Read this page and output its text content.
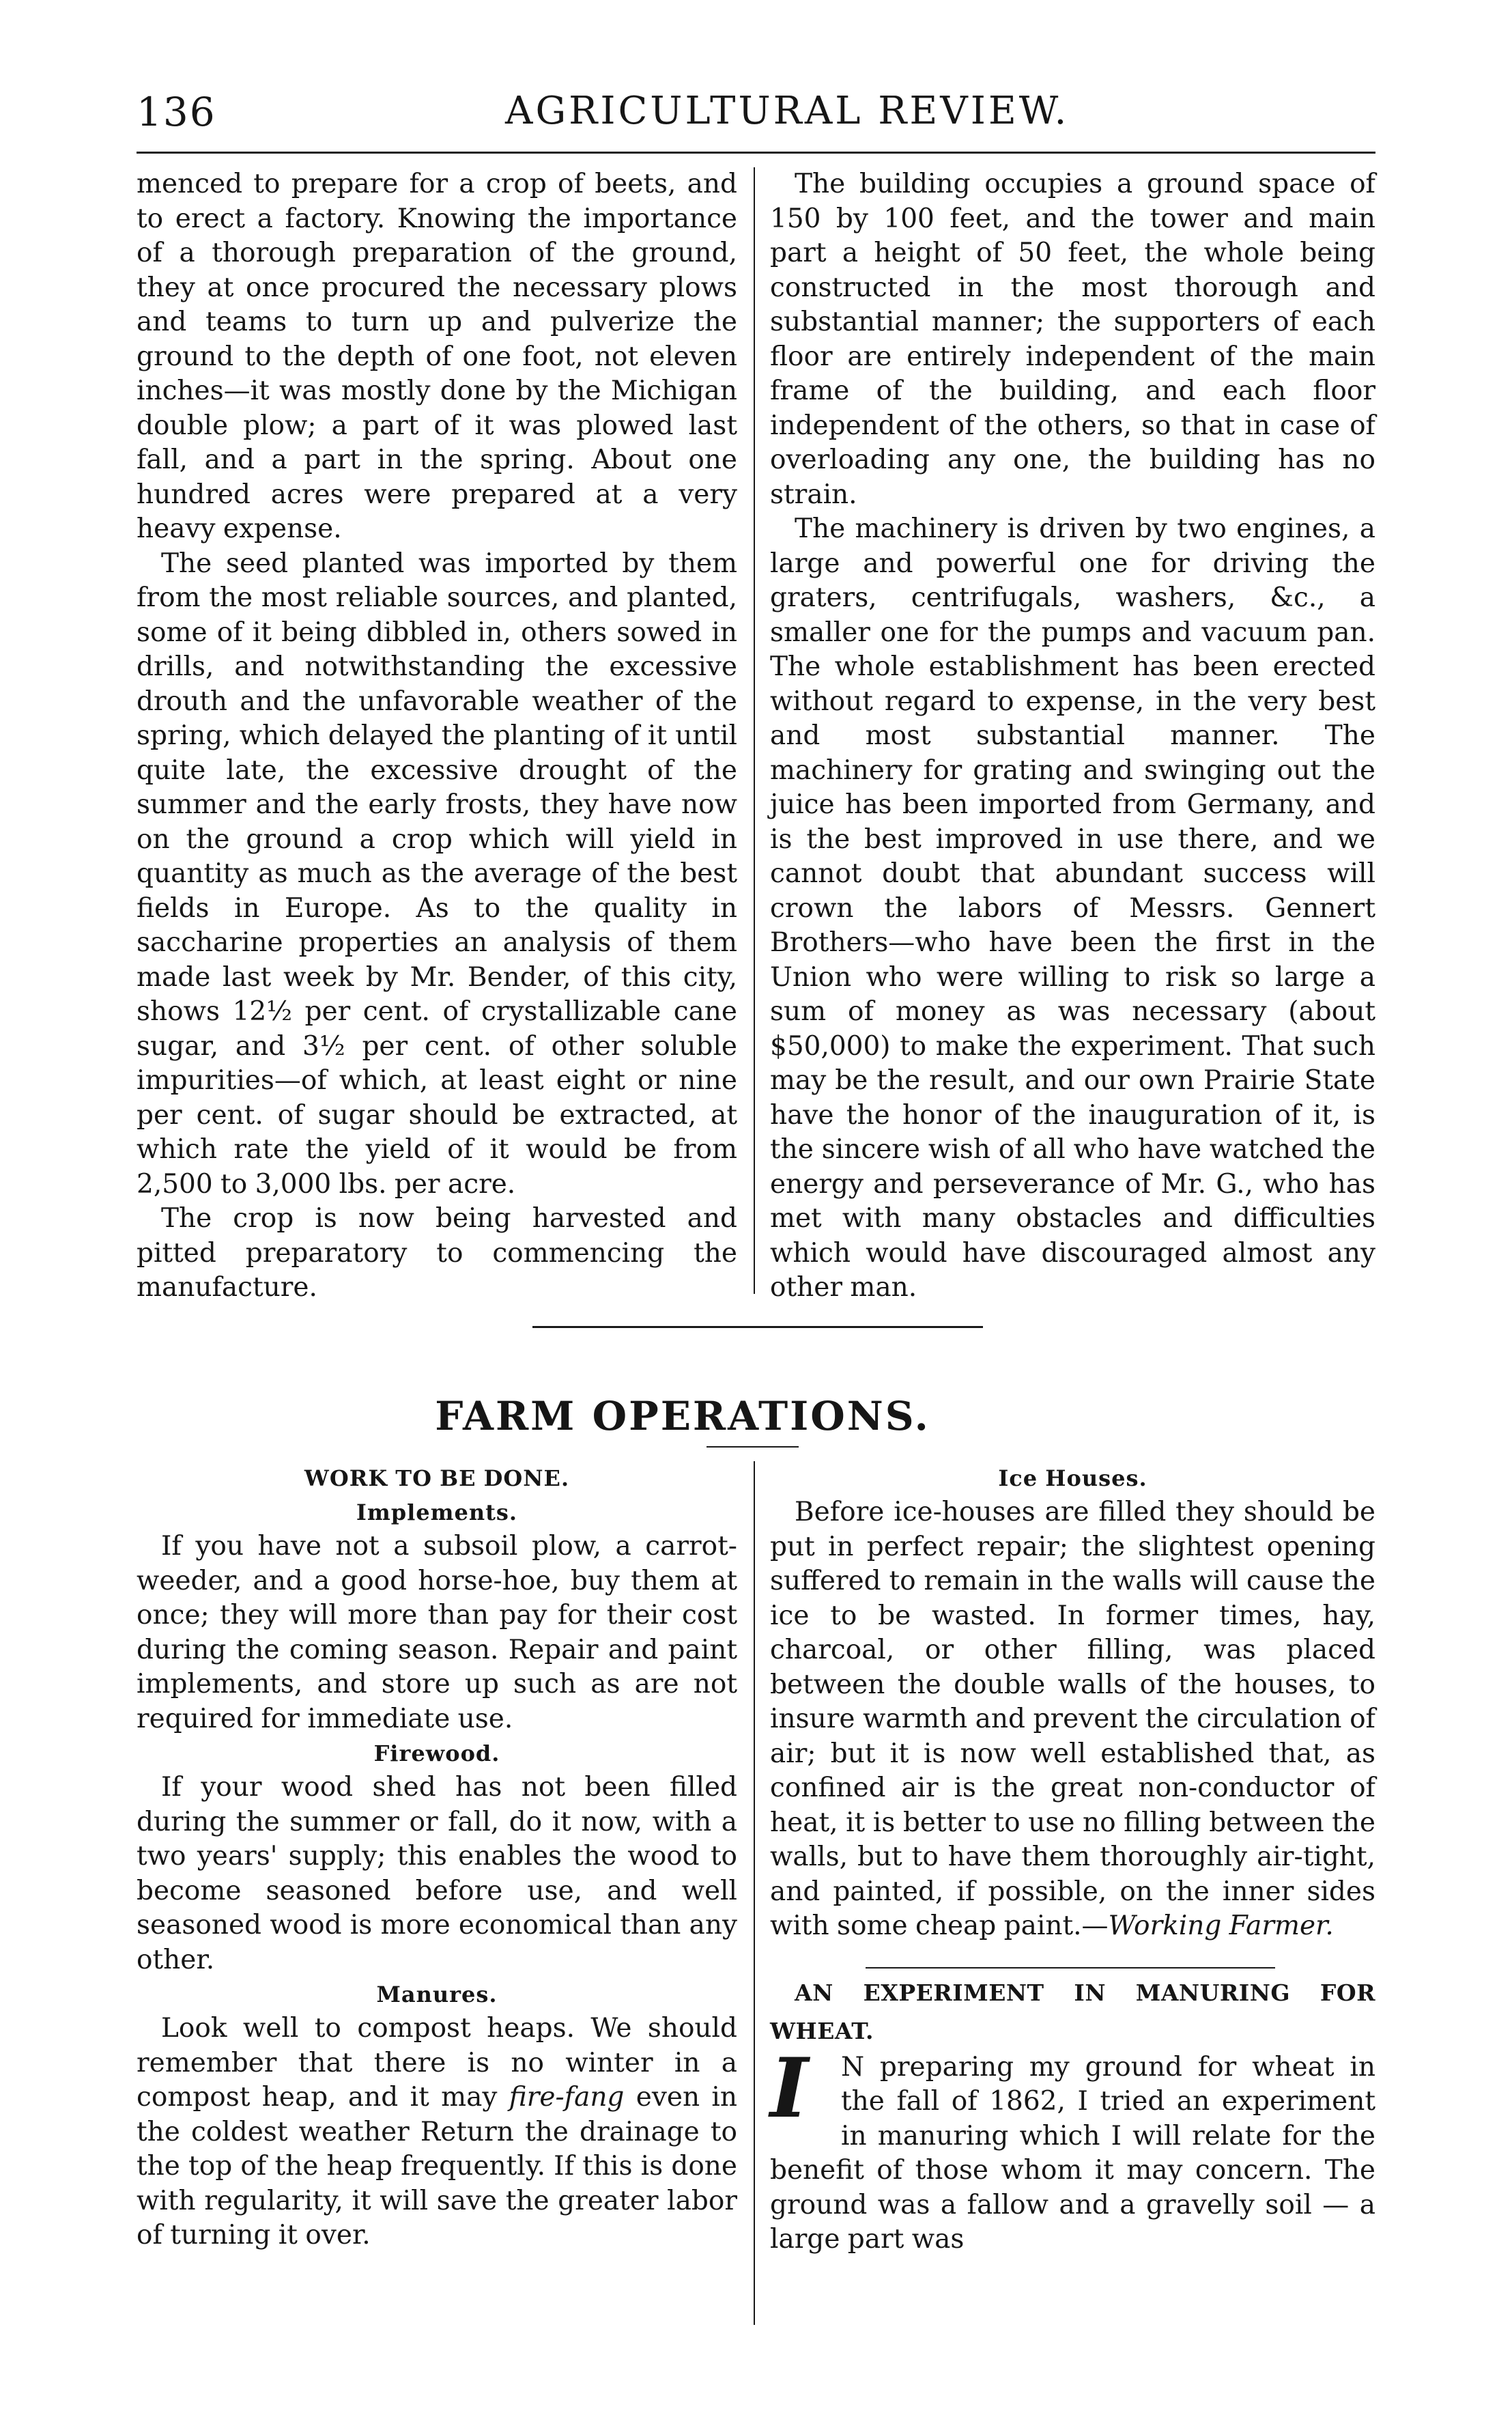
136	AGRICULTURAL REVIEW.

menced to prepare for a crop of beets, and to erect a factory. Knowing the importance of a thorough preparation of the ground, they at once procured the necessary plows and teams to turn up and pulverize the ground to the depth of one foot, not eleven inches—it was mostly done by the Michigan double plow; a part of it was plowed last fall, and a part in the spring. About one hundred acres were prepared at a very heavy expense.

The seed planted was imported by them from the most reliable sources, and planted, some of it being dibbled in, others sowed in drills, and notwithstanding the excessive drouth and the unfavorable weather of the spring, which delayed the planting of it until quite late, the excessive drought of the summer and the early frosts, they have now on the ground a crop which will yield in quantity as much as the average of the best fields in Europe. As to the quality in saccharine properties an analysis of them made last week by Mr. Bender, of this city, shows 12½ per cent. of crystallizable cane sugar, and 3½ per cent. of other soluble impurities—of which, at least eight or nine per cent. of sugar should be extracted, at which rate the yield of it would be from 2,500 to 3,000 lbs. per acre.

The crop is now being harvested and pitted preparatory to commencing the manufacture.

The building occupies a ground space of 150 by 100 feet, and the tower and main part a height of 50 feet, the whole being constructed in the most thorough and substantial manner; the supporters of each floor are entirely independent of the main frame of the building, and each floor independent of the others, so that in case of overloading any one, the building has no strain.

The machinery is driven by two engines, a large and powerful one for driving the graters, centrifugals, washers, &c., a smaller one for the pumps and vacuum pan. The whole establishment has been erected without regard to expense, in the very best and most substantial manner. The machinery for grating and swinging out the juice has been imported from Germany, and is the best improved in use there, and we cannot doubt that abundant success will crown the labors of Messrs. Gennert Brothers—who have been the first in the Union who were willing to risk so large a sum of money as was necessary (about $50,000) to make the experiment. That such may be the result, and our own Prairie State have the honor of the inauguration of it, is the sincere wish of all who have watched the energy and perseverance of Mr. G., who has met with many obstacles and difficulties which would have discouraged almost any other man.

FARM OPERATIONS.

WORK TO BE DONE.

Implements.

If you have not a subsoil plow, a carrot-weeder, and a good horse-hoe, buy them at once; they will more than pay for their cost during the coming season. Repair and paint implements, and store up such as are not required for immediate use.

Firewood.

If your wood shed has not been filled during the summer or fall, do it now, with a two years' supply; this enables the wood to become seasoned before use, and well seasoned wood is more economical than any other.

Manures.

Look well to compost heaps. We should remember that there is no winter in a compost heap, and it may fire-fang even in the coldest weather Return the drainage to the top of the heap frequently. If this is done with regularity, it will save the greater labor of turning it over.

Ice Houses.

Before ice-houses are filled they should be put in perfect repair; the slightest opening suffered to remain in the walls will cause the ice to be wasted. In former times, hay, charcoal, or other filling, was placed between the double walls of the houses, to insure warmth and prevent the circulation of air; but it is now well established that, as confined air is the great non-conductor of heat, it is better to use no filling between the walls, but to have them thoroughly air-tight, and painted, if possible, on the inner sides with some cheap paint.—Working Farmer.

AN EXPERIMENT IN MANURING FOR WHEAT.

I	N preparing my ground for wheat in the fall of 1862, I tried an experiment in manuring which I will relate for the benefit of those whom it may concern. The ground was a fallow and a gravelly soil — a large part was
